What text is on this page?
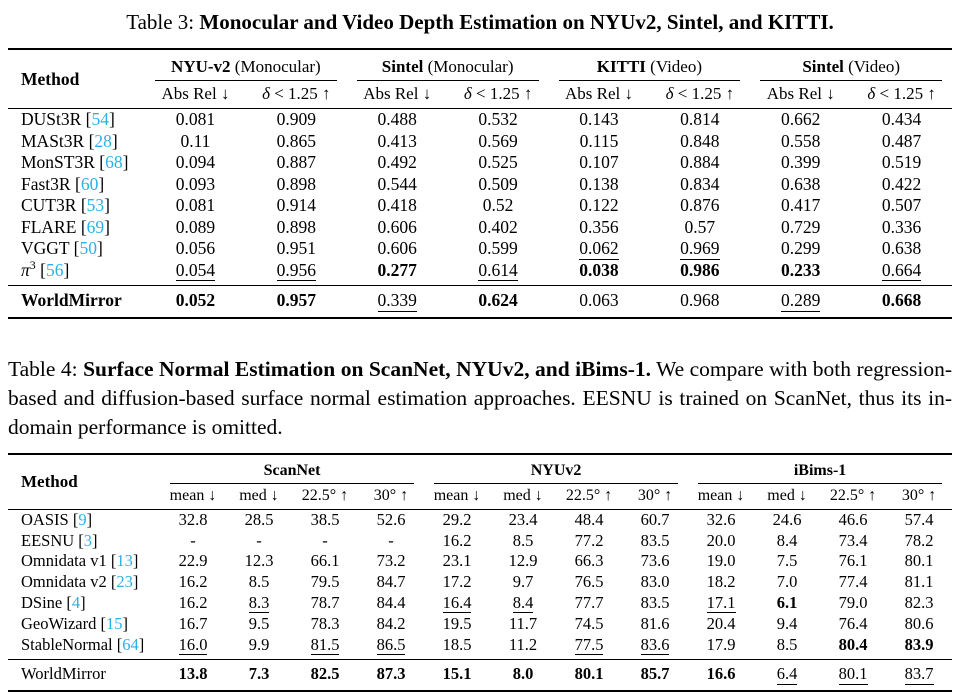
Table 3: Monocular and Video Depth Estimation on NYUv2, Sintel, and KITTI.
Method	NYU-v2 (Monocular)		Sintel (Monocular)		KITTI (Video)		Sintel (Video)	

	Abs Rel ↓	δ < 1.25 ↑	Abs Rel ↓	δ < 1.25 ↑	Abs Rel ↓	δ < 1.25 ↑	Abs Rel ↓	δ < 1.25 ↑
DUSt3R [54]	0.081	0.909	0.488	0.532	0.143	0.814	0.662	0.434
MASt3R [28]	0.11	0.865	0.413	0.569	0.115	0.848	0.558	0.487
MonST3R [68]	0.094	0.887	0.492	0.525	0.107	0.884	0.399	0.519
Fast3R [60]	0.093	0.898	0.544	0.509	0.138	0.834	0.638	0.422
CUT3R [53]	0.081	0.914	0.418	0.52	0.122	0.876	0.417	0.507
FLARE [69]	0.089	0.898	0.606	0.402	0.356	0.57	0.729	0.336
VGGT [50]	0.056	0.951	0.606	0.599	0.062	0.969	0.299	0.638
$\pi^3$ [56]	0.054	0.956	0.277	0.614	0.038	0.986	0.233	0.664
WorldMirror	0.052	0.957	0.339	0.624	0.063	0.968	0.289	0.668
Table 4: Surface Normal Estimation on ScanNet, NYUv2, and iBims-1. We compare with both regression-based and diffusion-based surface normal estimation approaches. EESNU is trained on ScanNet, thus its in-domain performance is omitted.
Method	ScanNet				NYUv2				iBims-1			

	mean ↓	med ↓	22.5° ↑	30° ↑	mean ↓	med ↓	22.5° ↑	30° ↑	mean ↓	med ↓	22.5° ↑	30° ↑
OASIS [9]	32.8	28.5	38.5	52.6	29.2	23.4	48.4	60.7	32.6	24.6	46.6	57.4
EESNU [3]	-	-	-	-	16.2	8.5	77.2	83.5	20.0	8.4	73.4	78.2
Omnidata v1 [13]	22.9	12.3	66.1	73.2	23.1	12.9	66.3	73.6	19.0	7.5	76.1	80.1
Omnidata v2 [23]	16.2	8.5	79.5	84.7	17.2	9.7	76.5	83.0	18.2	7.0	77.4	81.1
DSine [4]	16.2	8.3	78.7	84.4	16.4	8.4	77.7	83.5	17.1	6.1	79.0	82.3
GeoWizard [15]	16.7	9.5	78.3	84.2	19.5	11.7	74.5	81.6	20.4	9.4	76.4	80.6
StableNormal [64]	16.0	9.9	81.5	86.5	18.5	11.2	77.5	83.6	17.9	8.5	80.4	83.9
WorldMirror	13.8	7.3	82.5	87.3	15.1	8.0	80.1	85.7	16.6	6.4	80.1	83.7
